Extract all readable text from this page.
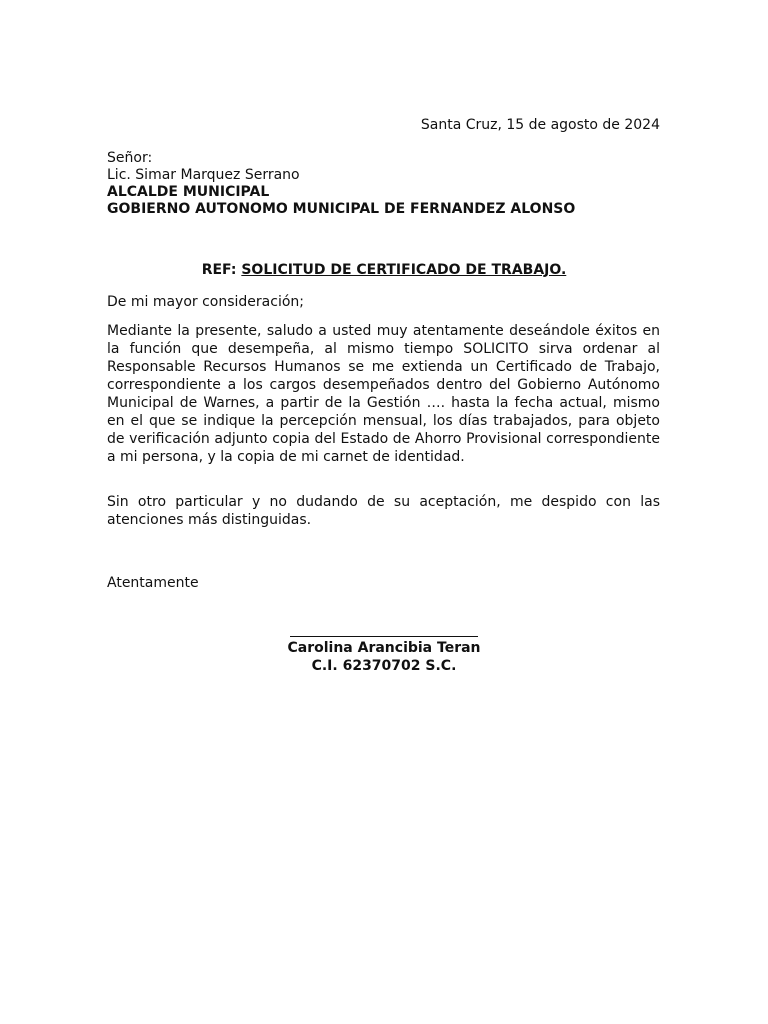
Santa Cruz, 15 de agosto de 2024
Señor:
Lic. Simar Marquez Serrano
ALCALDE MUNICIPAL
GOBIERNO AUTONOMO MUNICIPAL DE FERNANDEZ ALONSO
REF: SOLICITUD DE CERTIFICADO DE TRABAJO.
De mi mayor consideración;
Mediante la presente, saludo a usted muy atentamente deseándole éxitos en la función que desempeña, al mismo tiempo SOLICITO sirva ordenar al Responsable Recursos Humanos se me extienda un Certificado de Trabajo, correspondiente a los cargos desempeñados dentro del Gobierno Autónomo Municipal de Warnes, a partir de la Gestión …. hasta la fecha actual, mismo en el que se indique la percepción mensual, los días trabajados, para objeto de verificación adjunto copia del Estado de Ahorro Provisional correspondiente a mi persona, y la copia de mi carnet de identidad.
Sin otro particular y no dudando de su aceptación, me despido con las atenciones más distinguidas.
Atentamente
Carolina Arancibia Teran
C.I. 62370702 S.C.
